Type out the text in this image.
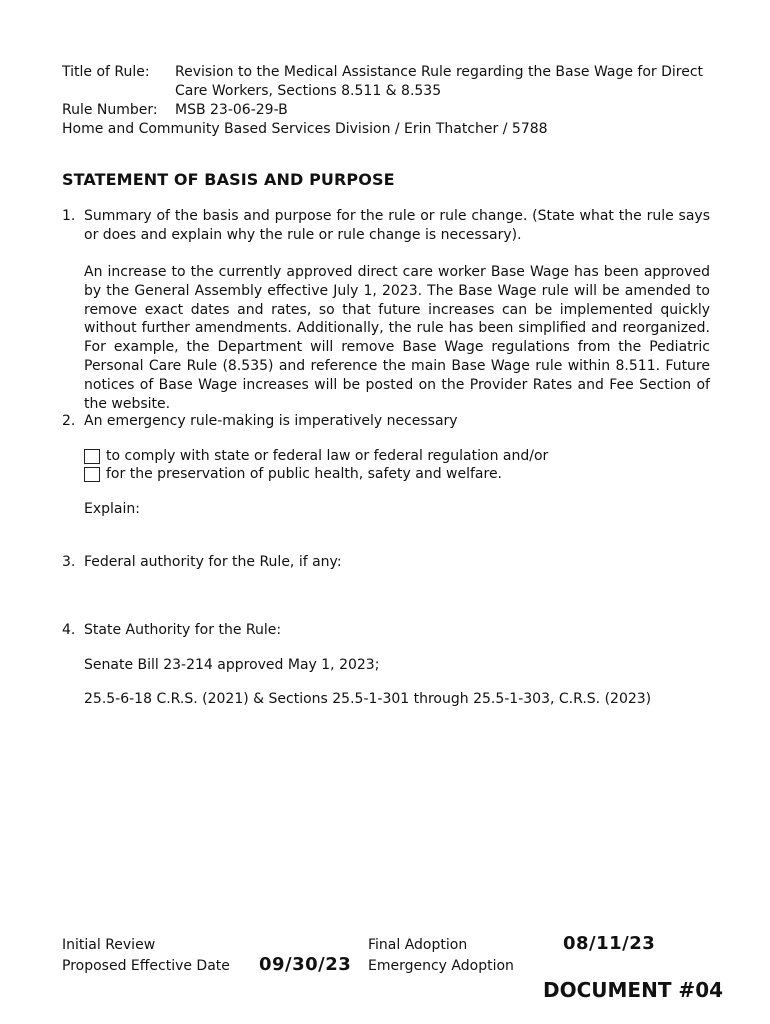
Title of Rule: Revision to the Medical Assistance Rule regarding the Base Wage for Direct
Care Workers, Sections 8.511 & 8.535
Rule Number: MSB 23-06-29-B
Home and Community Based Services Division / Erin Thatcher / 5788
STATEMENT OF BASIS AND PURPOSE
1. Summary of the basis and purpose for the rule or rule change. (State what the rule says or does and explain why the rule or rule change is necessary).
An increase to the currently approved direct care worker Base Wage has been approved by the General Assembly effective July 1, 2023. The Base Wage rule will be amended to remove exact dates and rates, so that future increases can be implemented quickly without further amendments. Additionally, the rule has been simplified and reorganized. For example, the Department will remove Base Wage regulations from the Pediatric Personal Care Rule (8.535) and reference the main Base Wage rule within 8.511. Future notices of Base Wage increases will be posted on the Provider Rates and Fee Section of the website.
2. An emergency rule-making is imperatively necessary
to comply with state or federal law or federal regulation and/or
for the preservation of public health, safety and welfare.
Explain:
3. Federal authority for the Rule, if any:
4. State Authority for the Rule:
Senate Bill 23-214 approved May 1, 2023;
25.5-6-18 C.R.S. (2021) & Sections 25.5-1-301 through 25.5-1-303, C.R.S. (2023)
Initial Review
Proposed Effective Date 09/30/23
Final Adoption	08/11/23
Emergency Adoption
DOCUMENT #04
